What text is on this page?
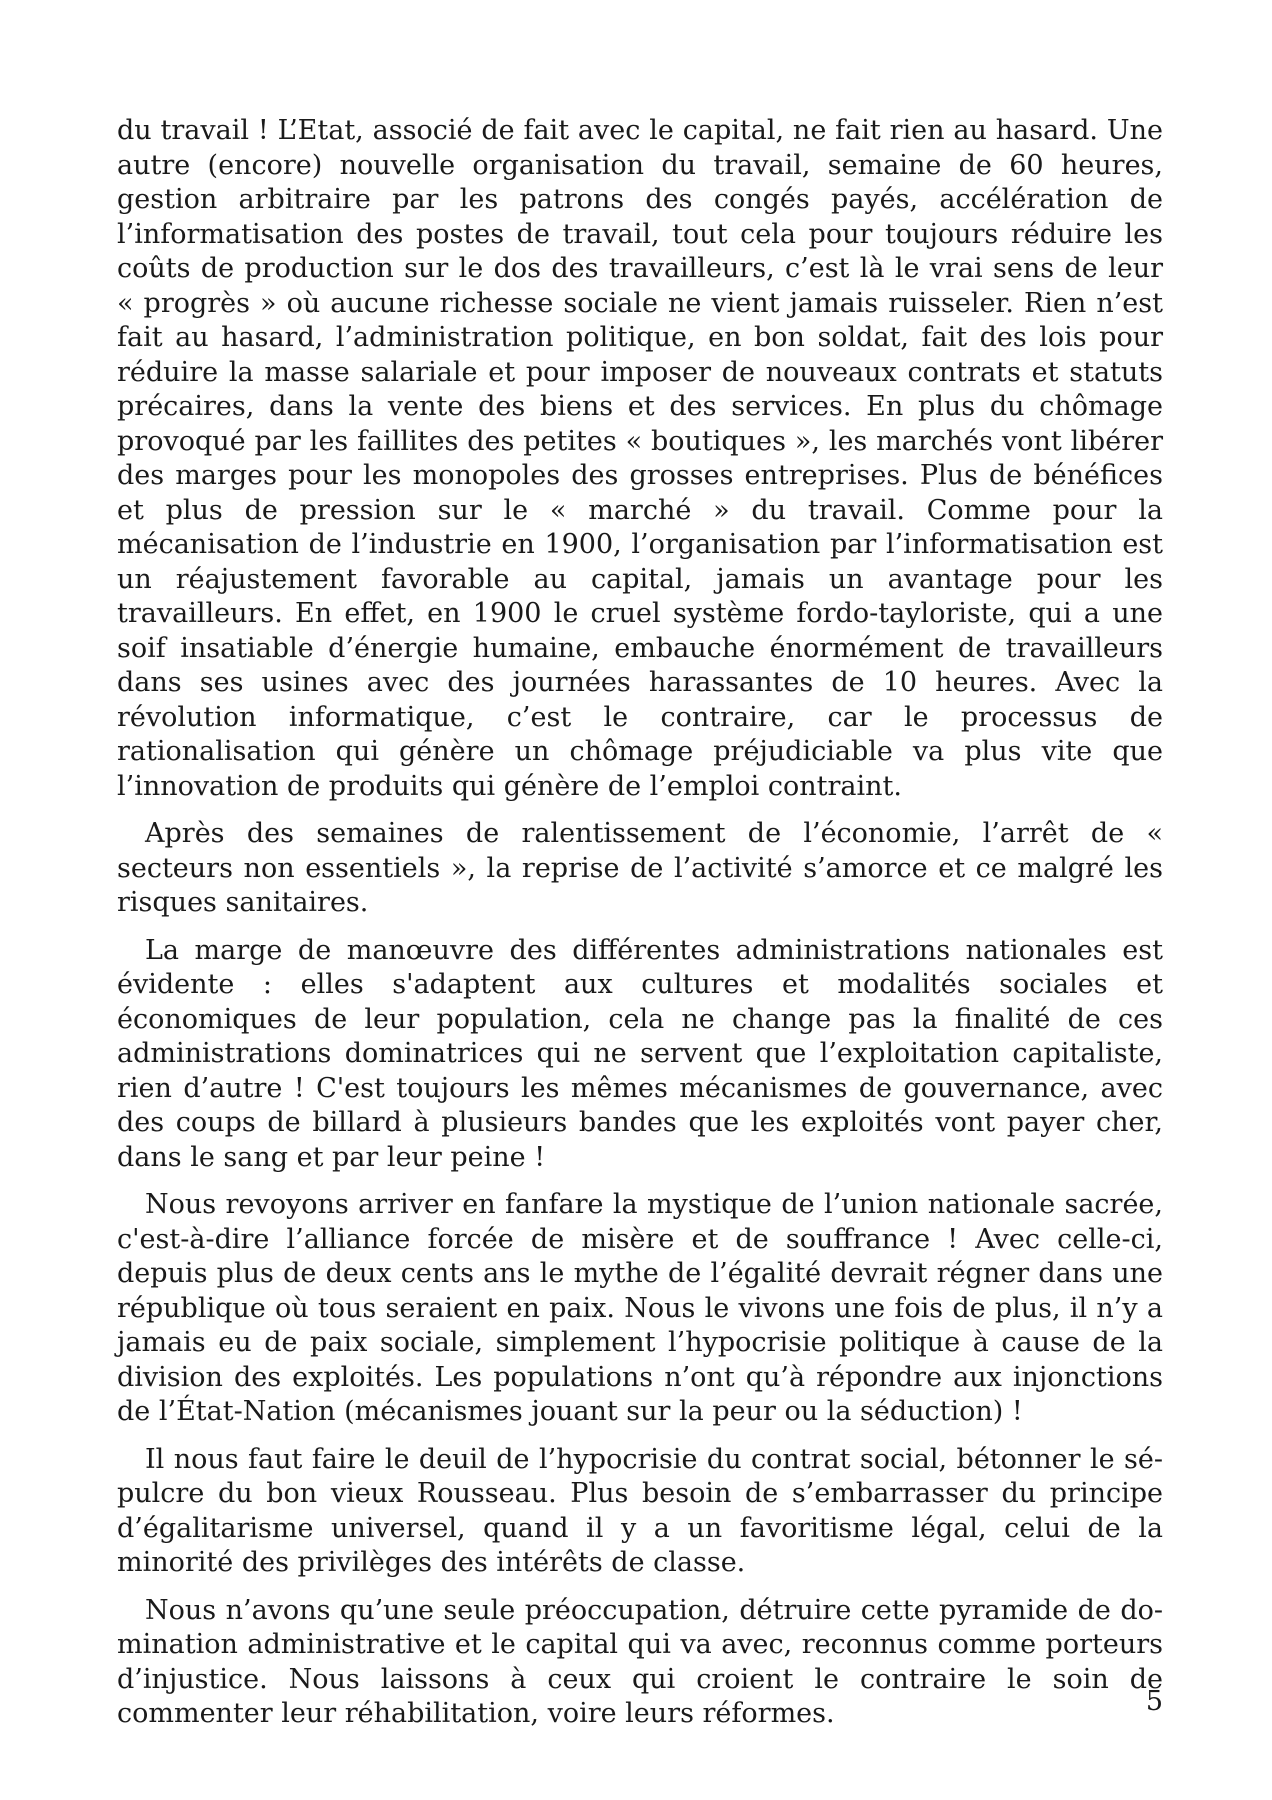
du travail ! L’Etat, associé de fait avec le capital, ne fait rien au hasard. Une autre (encore) nouvelle organisation du travail, semaine de 60 heures, gestion arbitraire par les patrons des congés payés, accélération de l’informatisation des postes de travail, tout cela pour toujours réduire les coûts de production sur le dos des travailleurs, c’est là le vrai sens de leur « progrès » où aucune richesse sociale ne vient jamais ruisseler. Rien n’est fait au hasard, l’administration politique, en bon soldat, fait des lois pour réduire la masse salariale et pour imposer de nouveaux contrats et statuts précaires, dans la vente des biens et des services. En plus du chômage provoqué par les faillites des petites « boutiques », les marchés vont libérer des marges pour les monopoles des grosses entreprises. Plus de bénéfices et plus de pression sur le « marché » du travail. Comme pour la mécanisation de l’industrie en 1900, l’organisation par l’informatisation est un réajustement favorable au capital, jamais un avantage pour les travailleurs. En effet, en 1900 le cruel système fordo-tayloriste, qui a une soif insatiable d’énergie humaine, embauche énormément de travailleurs dans ses usines avec des journées harassantes de 10 heures. Avec la révolution informatique, c’est le contraire, car le processus de rationalisation qui génère un chômage préjudiciable va plus vite que l’innovation de produits qui génère de l’emploi contraint.

Après des semaines de ralentissement de l’économie, l’arrêt de « secteurs non essentiels », la reprise de l’activité s’amorce et ce malgré les risques sanitaires.

La marge de manœuvre des différentes administrations nationales est évidente : elles s'adaptent aux cultures et modalités sociales et économiques de leur population, cela ne change pas la finalité de ces administrations dominatrices qui ne servent que l’exploitation capitaliste, rien d’autre ! C'est toujours les mêmes mécanismes de gouvernance, avec des coups de billard à plusieurs bandes que les exploités vont payer cher, dans le sang et par leur peine !

Nous revoyons arriver en fanfare la mystique de l’union nationale sacrée, c'est-à-dire l’alliance forcée de misère et de souffrance ! Avec celle-ci, depuis plus de deux cents ans le mythe de l’égalité devrait régner dans une république où tous seraient en paix. Nous le vivons une fois de plus, il n’y a jamais eu de paix sociale, simplement l’hypocrisie politique à cause de la division des exploités. Les populations n’ont qu’à répondre aux injonctions de l’État-Nation (mécanismes jouant sur la peur ou la séduction) !

Il nous faut faire le deuil de l’hypocrisie du contrat social, bétonner le sépulcre du bon vieux Rousseau. Plus besoin de s’embarrasser du principe d’égalitarisme universel, quand il y a un favoritisme légal, celui de la minorité des privilèges des intérêts de classe.

Nous n’avons qu’une seule préoccupation, détruire cette pyramide de domination administrative et le capital qui va avec, reconnus comme porteurs d’injustice. Nous laissons à ceux qui croient le contraire le soin de commenter leur réhabilitation, voire leurs réformes.	5
